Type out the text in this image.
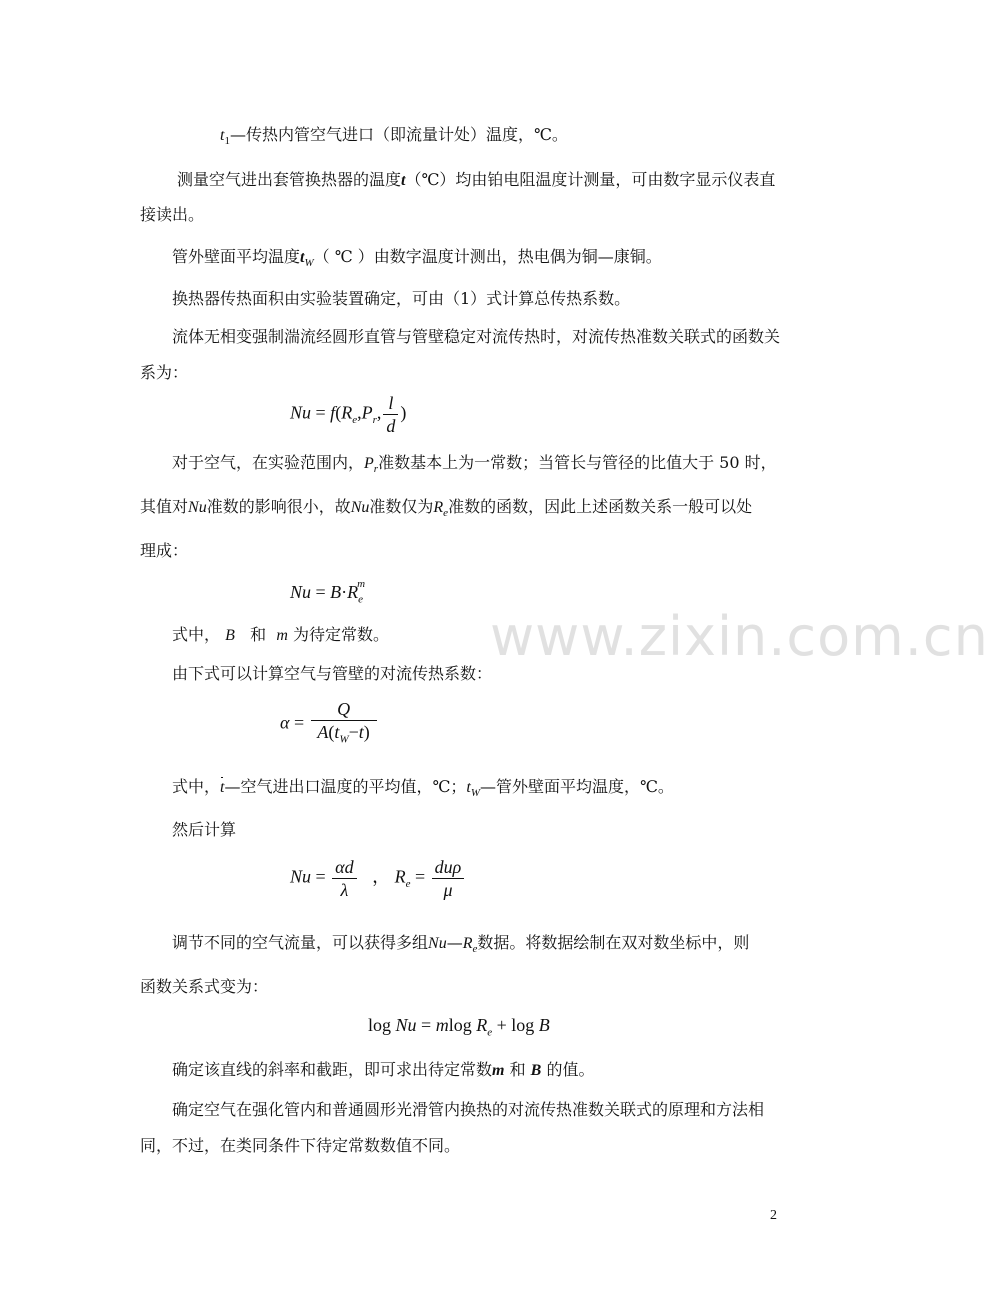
$t_1—$传热内管空气进口（即流量计处）温度，℃。
测量空气进出套管换热器的温度t（℃）均由铂电阻温度计测量，可由数字显示仪表直
接读出。
管外壁面平均温度$t_W$（ ℃ ）由数字温度计测出，热电偶为铜—康铜。
换热器传热面积由实验装置确定，可由（1）式计算总传热系数。
流体无相变强制湍流经圆形直管与管壁稳定对流传热时，对流传热准数关联式的函数关
系为：
$Nu = f(R_e,P_r$, $\frac{l}{d}$ )
对于空气，在实验范围内，$P_r$准数基本上为一常数；当管长与管径的比值大于 50 时，
其值对Nu准数的影响很小，故Nu准数仅为$R_e$准数的函数，因此上述函数关系一般可以处
理成：
$Nu = B\cdot R_e^m$
式中， B 和 m 为待定常数。
由下式可以计算空气与管壁的对流传热系数：
$\alpha = \frac{Q}{A(t_W-t)}$
式中，t—空气进出口温度的平均值，℃；$t_W—$管外壁面平均温度，℃。
然后计算
$Nu = \frac{\alpha d}{\lambda}$ ， $R_e = \frac{\text{duρ}}{\mu}$
调节不同的空气流量，可以获得多组$Nu—R_e$数据。将数据绘制在双对数坐标中，则
函数关系式变为：
log Nu = mlog $R_e + \log B$
确定该直线的斜率和截距，即可求出待定常数m 和 B 的值。
确定空气在强化管内和普通圆形光滑管内换热的对流传热准数关联式的原理和方法相
同，不过，在类同条件下待定常数数值不同。
www.zixin.com.cn
2
